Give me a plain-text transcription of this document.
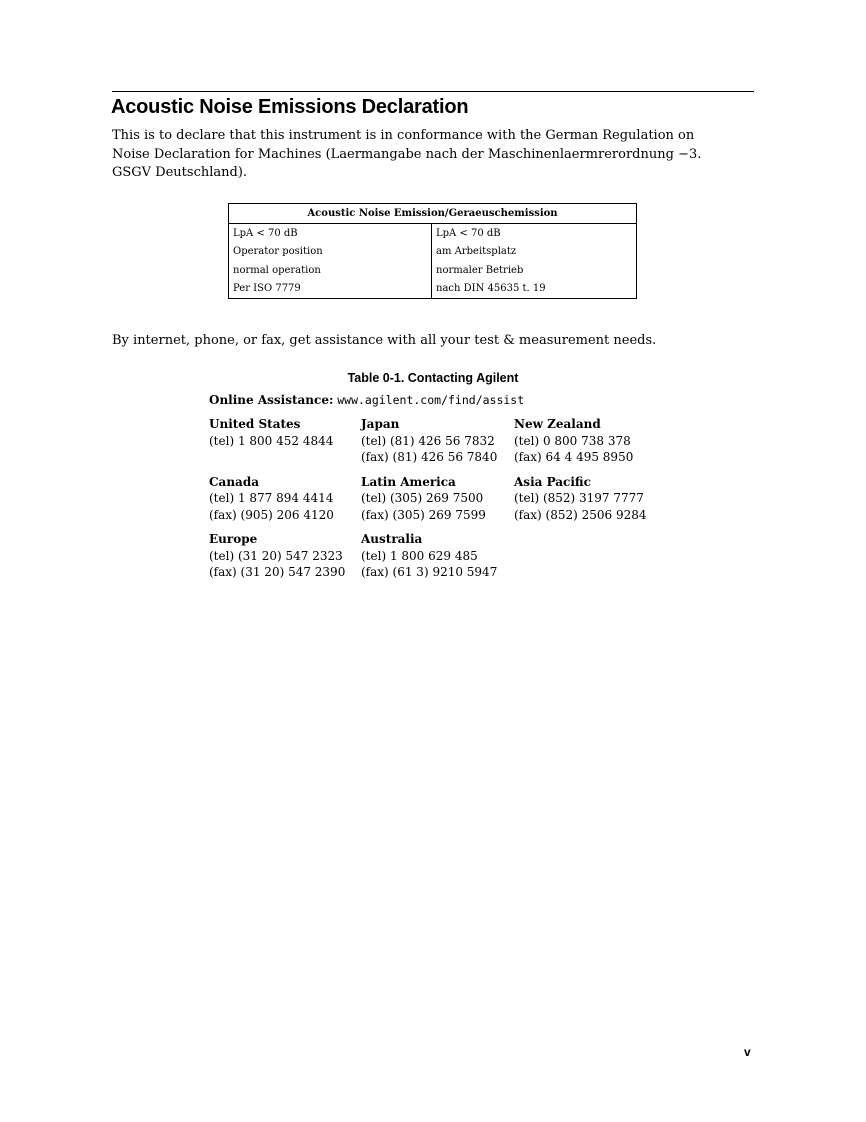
Acoustic Noise Emissions Declaration

This is to declare that this instrument is in conformance with the German Regulation on Noise Declaration for Machines (Laermangabe nach der Maschinenlaermrerordnung −3. GSGV Deutschland).

Acoustic Noise Emission/Geraeuschemission	
LpA < 70 dB	LpA < 70 dB
Operator position	am Arbeitsplatz
normal operation	normaler Betrieb
Per ISO 7779	nach DIN 45635 t. 19

By internet, phone, or fax, get assistance with all your test & measurement needs.

Table 0-1. Contacting Agilent

Online Assistance: www.agilent.com/find/assist

United States
(tel) 1 800 452 4844
Japan
(tel) (81) 426 56 7832
(fax) (81) 426 56 7840
New Zealand
(tel) 0 800 738 378
(fax) 64 4 495 8950
Canada
(tel) 1 877 894 4414
(fax) (905) 206 4120
Latin America
(tel) (305) 269 7500
(fax) (305) 269 7599
Asia Pacific
(tel) (852) 3197 7777
(fax) (852) 2506 9284
Europe
(tel) (31 20) 547 2323
(fax) (31 20) 547 2390
Australia
(tel) 1 800 629 485
(fax) (61 3) 9210 5947
v
